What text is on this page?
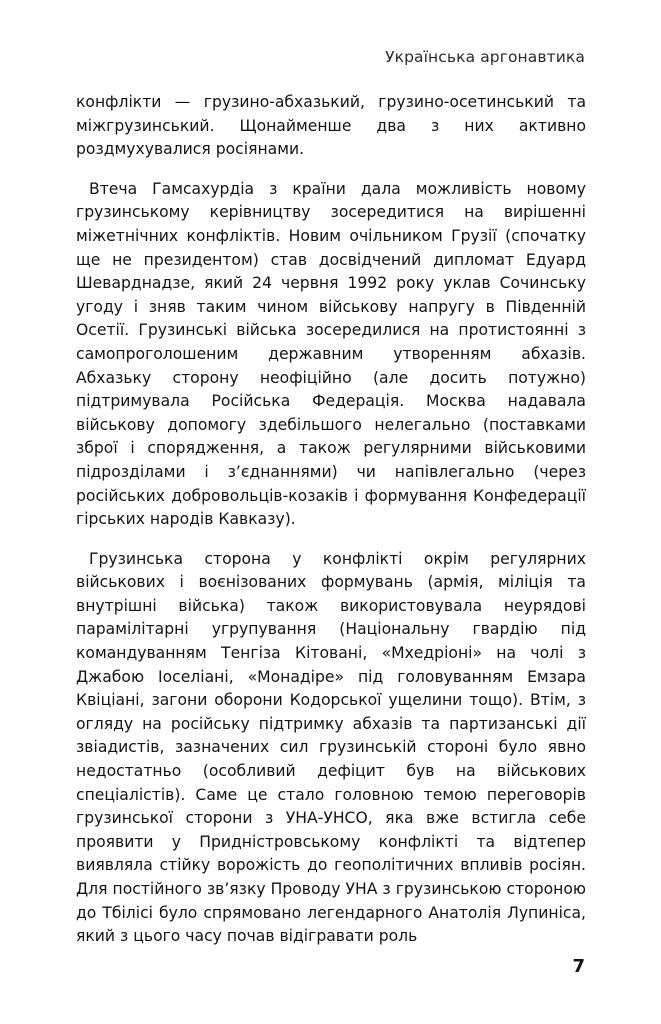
Українська аргонавтика

конфлікти — грузино-абхазький, грузино-осетинський та міжгрузинський. Щонайменше два з них активно роздмухувалися росіянами.

Втеча Гамсахурдіа з країни дала можливість новому грузинському керівництву зосередитися на вирішенні міжетнічних конфліктів. Новим очільником Грузії (спочатку ще не президентом) став досвідчений дипломат Едуард Шеварднадзе, який 24 червня 1992 року уклав Сочинську угоду і зняв таким чином військову напругу в Південній Осетії. Грузинські війська зосередилися на протистоянні з самопроголошеним державним утворенням абхазів. Абхазьку сторону неофіційно (але досить потужно) підтримувала Російська Федерація. Москва надавала військову допомогу здебільшого нелегально (поставками зброї і спорядження, а також регулярними військовими підрозділами і з’єднаннями) чи напівлегально (через російських добровольців-козаків і формування Конфедерації гірських народів Кавказу).

Грузинська сторона у конфлікті окрім регулярних військових і воєнізованих формувань (армія, міліція та внутрішні війська) також використовувала неурядові парамілітарні угрупування (Національну гвардію під командуванням Тенгіза Кітовані, «Мхедріоні» на чолі з Джабою Іоселіані, «Монадіре» під головуванням Емзара Квіціані, загони оборони Кодорської ущелини тощо). Втім, з огляду на російську підтримку абхазів та партизанські дії звіадистів, зазначених сил грузинській стороні було явно недостатньо (особливий дефіцит був на військових спеціалістів). Саме це стало головною темою переговорів грузинської сторони з УНА-УНСО, яка вже встигла себе проявити у Придністровському конфлікті та відтепер виявляла стійку ворожість до геополітичних впливів росіян. Для постійного зв’язку Проводу УНА з грузинською стороною до Тбілісі було спрямовано легендарного Анатолія Лупиніса, який з цього часу почав відігравати роль

7
